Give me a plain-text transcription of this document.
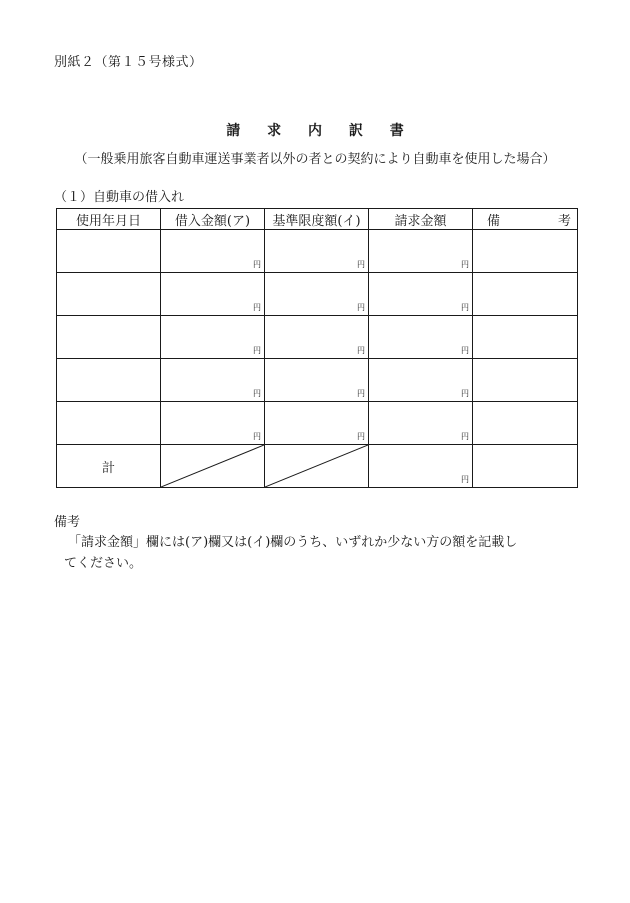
別紙２（第１５号様式）
請 求 内 訳 書
（一般乗用旅客自動車運送事業者以外の者との契約により自動車を使用した場合）
（１）自動車の借入れ
使用年月日	借入金額(ア)	基準限度額(イ)	請求金額	備 考

	円	円	円	

	円	円	円	

	円	円	円	

	円	円	円	

	円	円	円	

計			円	

備考
「請求金額」欄には(ア)欄又は(イ)欄のうち、いずれか少ない方の額を記載し
てください。
